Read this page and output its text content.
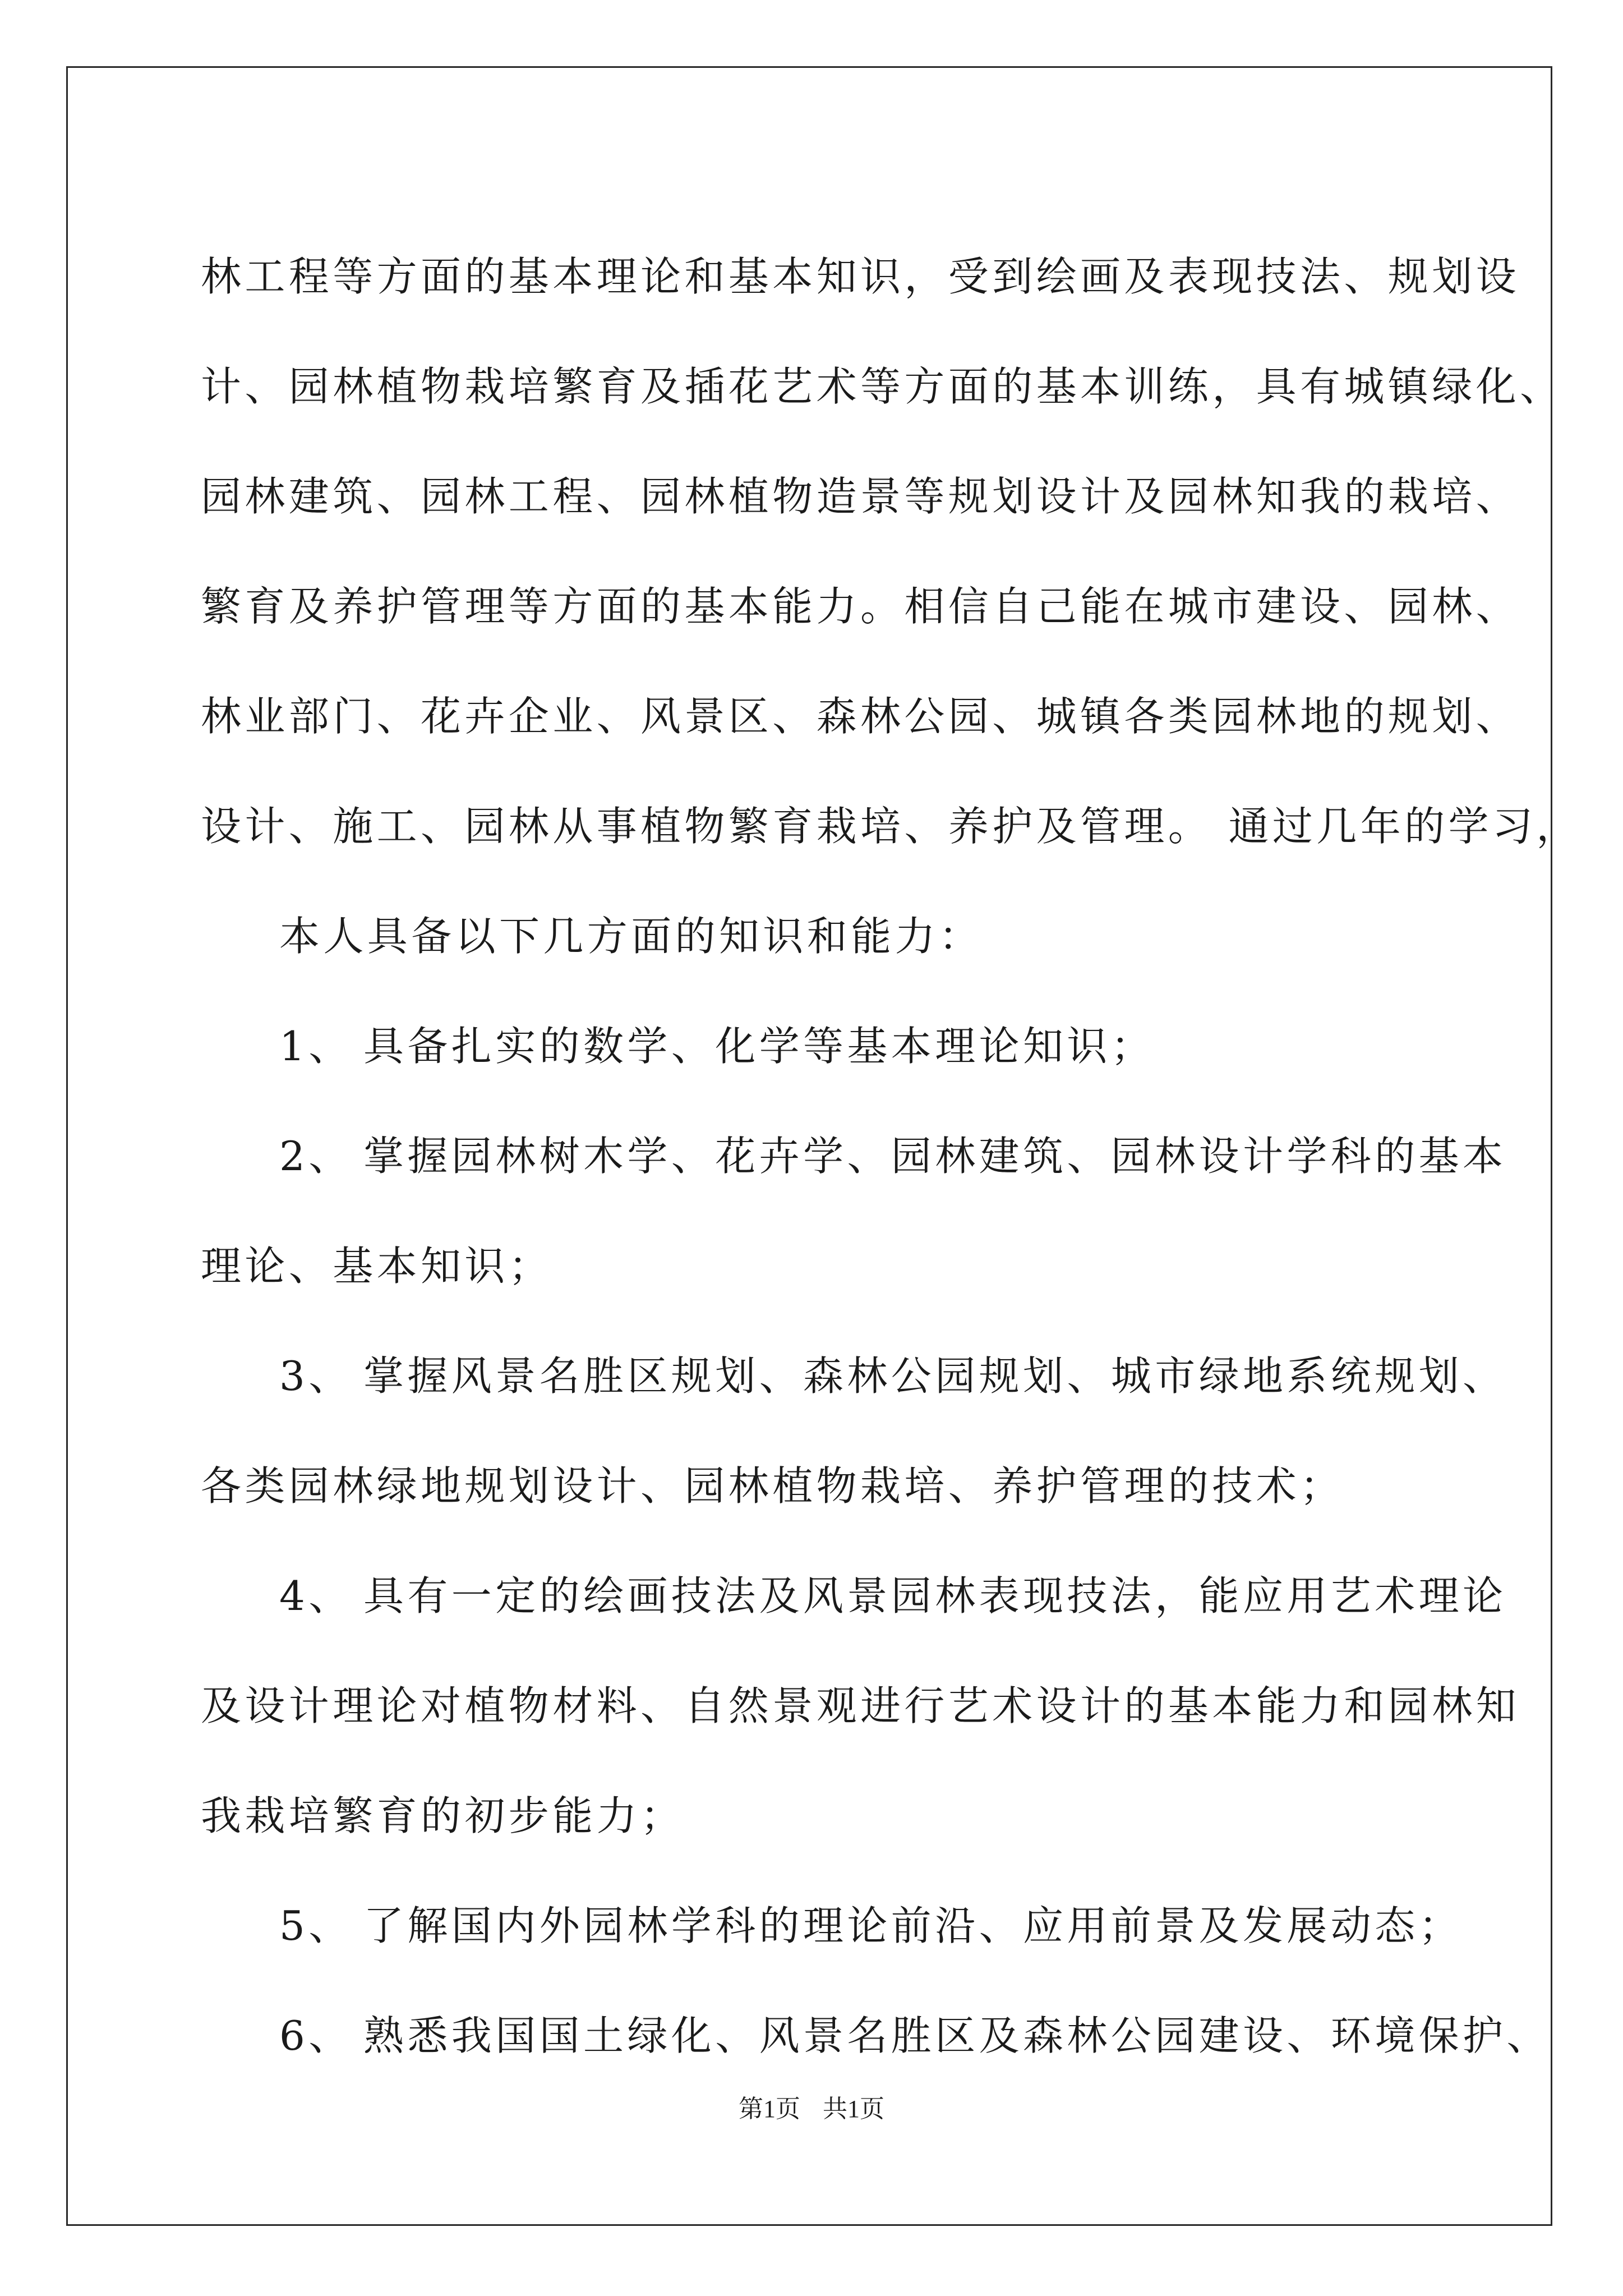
林工程等方面的基本理论和基本知识，受到绘画及表现技法、规划设
计、园林植物栽培繁育及插花艺术等方面的基本训练，具有城镇绿化、
园林建筑、园林工程、园林植物造景等规划设计及园林知我的栽培、
繁育及养护管理等方面的基本能力。相信自己能在城市建设、园林、
林业部门、花卉企业、风景区、森林公园、城镇各类园林地的规划、
设计、施工、园林从事植物繁育栽培、养护及管理。 通过几年的学习，
本人具备以下几方面的知识和能力：
1、 具备扎实的数学、化学等基本理论知识；
2、 掌握园林树木学、花卉学、园林建筑、园林设计学科的基本
理论、基本知识；
3、 掌握风景名胜区规划、森林公园规划、城市绿地系统规划、
各类园林绿地规划设计、园林植物栽培、养护管理的技术；
4、 具有一定的绘画技法及风景园林表现技法，能应用艺术理论
及设计理论对植物材料、自然景观进行艺术设计的基本能力和园林知
我栽培繁育的初步能力；
5、 了解国内外园林学科的理论前沿、应用前景及发展动态；
6、 熟悉我国国土绿化、风景名胜区及森林公园建设、环境保护、
第1页 共1页
